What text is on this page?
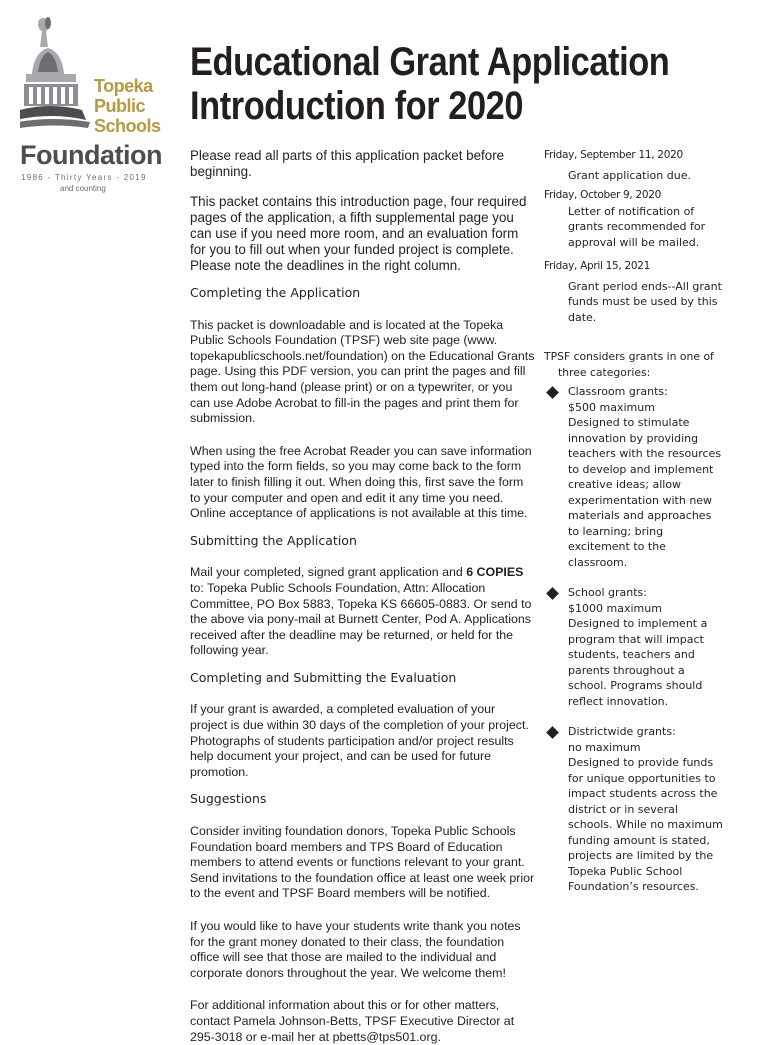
Topeka
Public
Schools
Foundation
1986 - Thirty Years - 2019
and counting
Educational Grant Application
Introduction for 2020

Please read all parts of this application packet before beginning.

This packet contains this introduction page, four required pages of the application, a fifth supplemental page you can use if you need more room, and an evaluation form for you to fill out when your funded project is complete. Please note the deadlines in the right column.

Completing the Application

This packet is downloadable and is located at the Topeka Public Schools Foundation (TPSF) web site page (www. topekapublicschools.net/foundation) on the Educational Grants page. Using this PDF version, you can print the pages and fill them out long-hand (please print) or on a typewriter, or you can use Adobe Acrobat to fill-in the pages and print them for submission.

When using the free Acrobat Reader you can save information typed into the form fields, so you may come back to the form later to finish filling it out. When doing this, first save the form to your computer and open and edit it any time you need. Online acceptance of applications is not available at this time.

Submitting the Application

Mail your completed, signed grant application and 6 COPIES to: Topeka Public Schools Foundation, Attn: Allocation Committee, PO Box 5883, Topeka KS 66605-0883. Or send to the above via pony-mail at Burnett Center, Pod A. Applications received after the deadline may be returned, or held for the following year.

Completing and Submitting the Evaluation

If your grant is awarded, a completed evaluation of your project is due within 30 days of the completion of your project. Photographs of students participation and/or project results help document your project, and can be used for future promotion.

Suggestions

Consider inviting foundation donors, Topeka Public Schools Foundation board members and TPS Board of Education members to attend events or functions relevant to your grant. Send invitations to the foundation office at least one week prior to the event and TPSF Board members will be notified.

If you would like to have your students write thank you notes for the grant money donated to their class, the foundation office will see that those are mailed to the individual and corporate donors throughout the year. We welcome them!

For additional information about this or for other matters, contact Pamela Johnson-Betts, TPSF Executive Director at 295-3018 or e-mail her at pbetts@tps501.org.

Friday, September 11, 2020

Grant application due.

Friday, October 9, 2020

Letter of notification of grants recommended for approval will be mailed.

Friday, April 15, 2021

Grant period ends--All grant funds must be used by this date.

TPSF considers grants in one of three categories:

Classroom grants:

$500 maximum

Designed to stimulate innovation by providing teachers with the resources to develop and implement creative ideas; allow experimentation with new materials and approaches to learning; bring excitement to the classroom.

School grants:

$1000 maximum

Designed to implement a program that will impact students, teachers and parents throughout a school. Programs should reflect innovation.

Districtwide grants:

no maximum

Designed to provide funds for unique opportunities to impact students across the district or in several schools. While no maximum funding amount is stated, projects are limited by the Topeka Public School Foundation’s resources.
